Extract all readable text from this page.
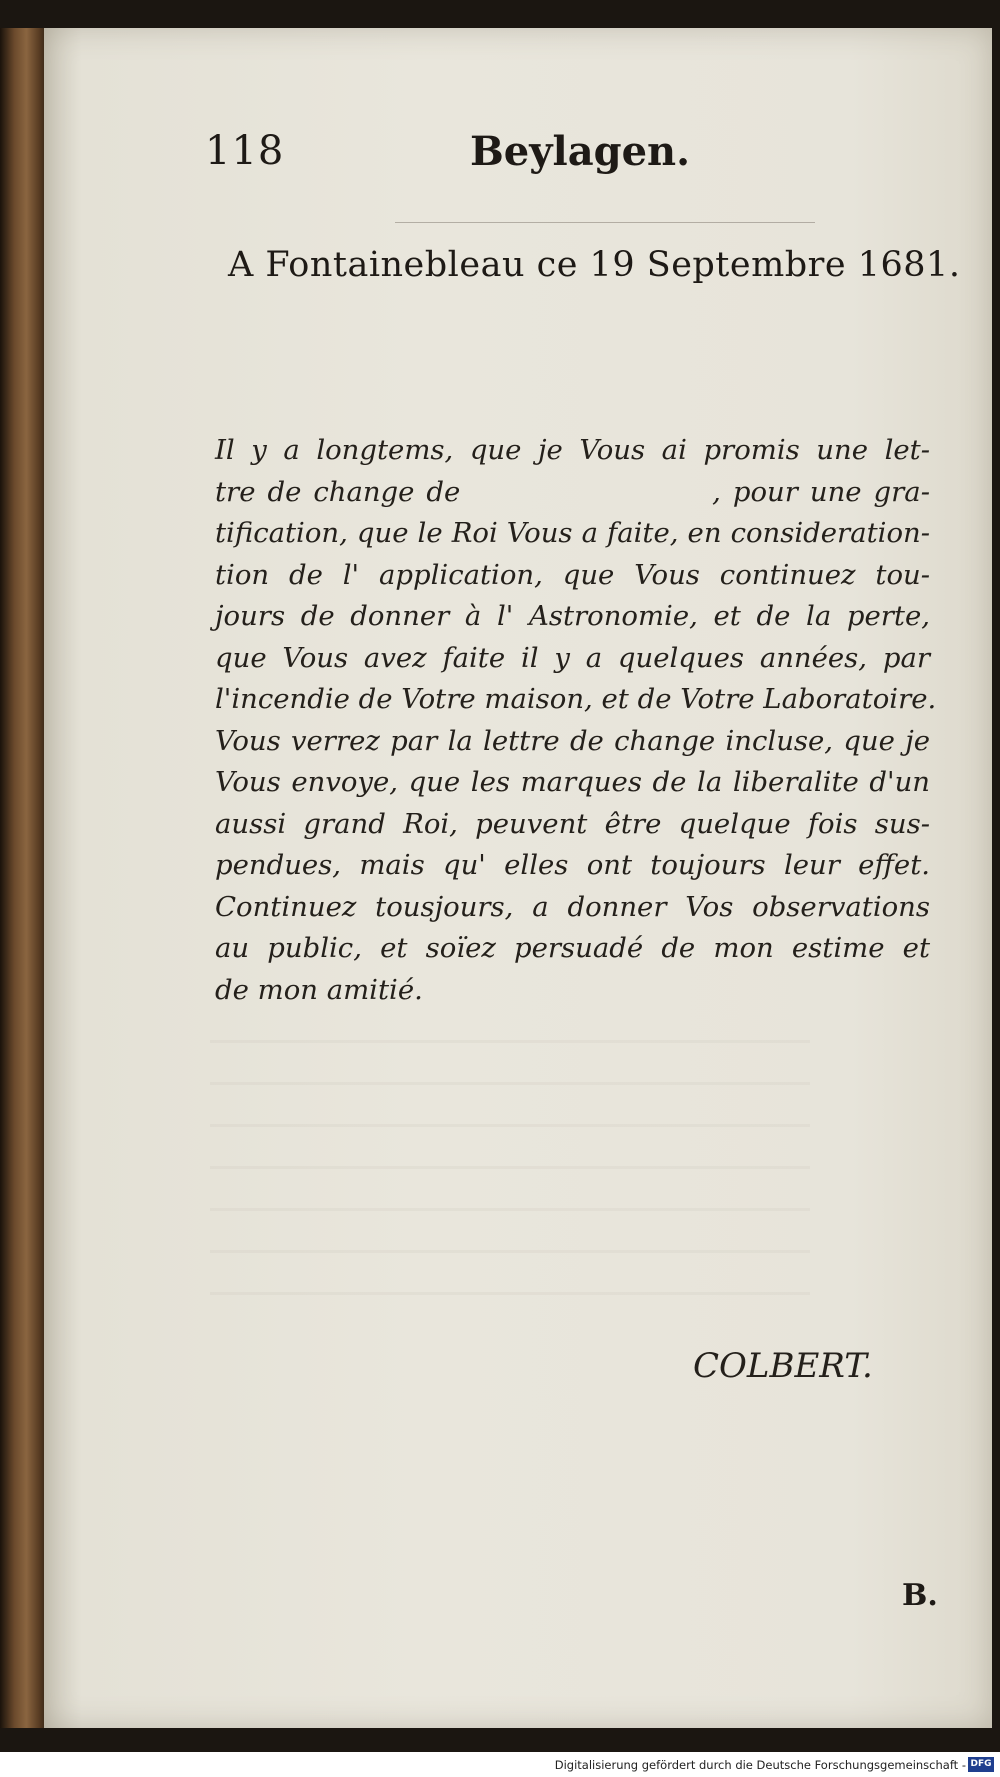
118	Beylagen.
A Fontainebleau ce 19 Septembre 1681.
Il y a longtems, que je Vous ai promis une let-
tre de change de                     , pour une gra-
tification, que le Roi Vous a faite, en consideration-
tion de l' application, que Vous continuez tou-
jours de donner à l' Astronomie, et de la perte,
que Vous avez faite il y a quelques années, par
l'incendie de Votre maison, et de Votre Laboratoire.
Vous verrez par la lettre de change incluse, que je
Vous envoye, que les marques de la liberalite d'un
aussi grand Roi, peuvent être quelque fois sus-
pendues, mais qu' elles ont toujours leur effet.
Continuez tousjours, a donner Vos observations
au public, et soïez persuadé de mon estime et
de mon amitié.
COLBERT.
B.
Digitalisierung gefördert durch die Deutsche Forschungsgemeinschaft - DFG
